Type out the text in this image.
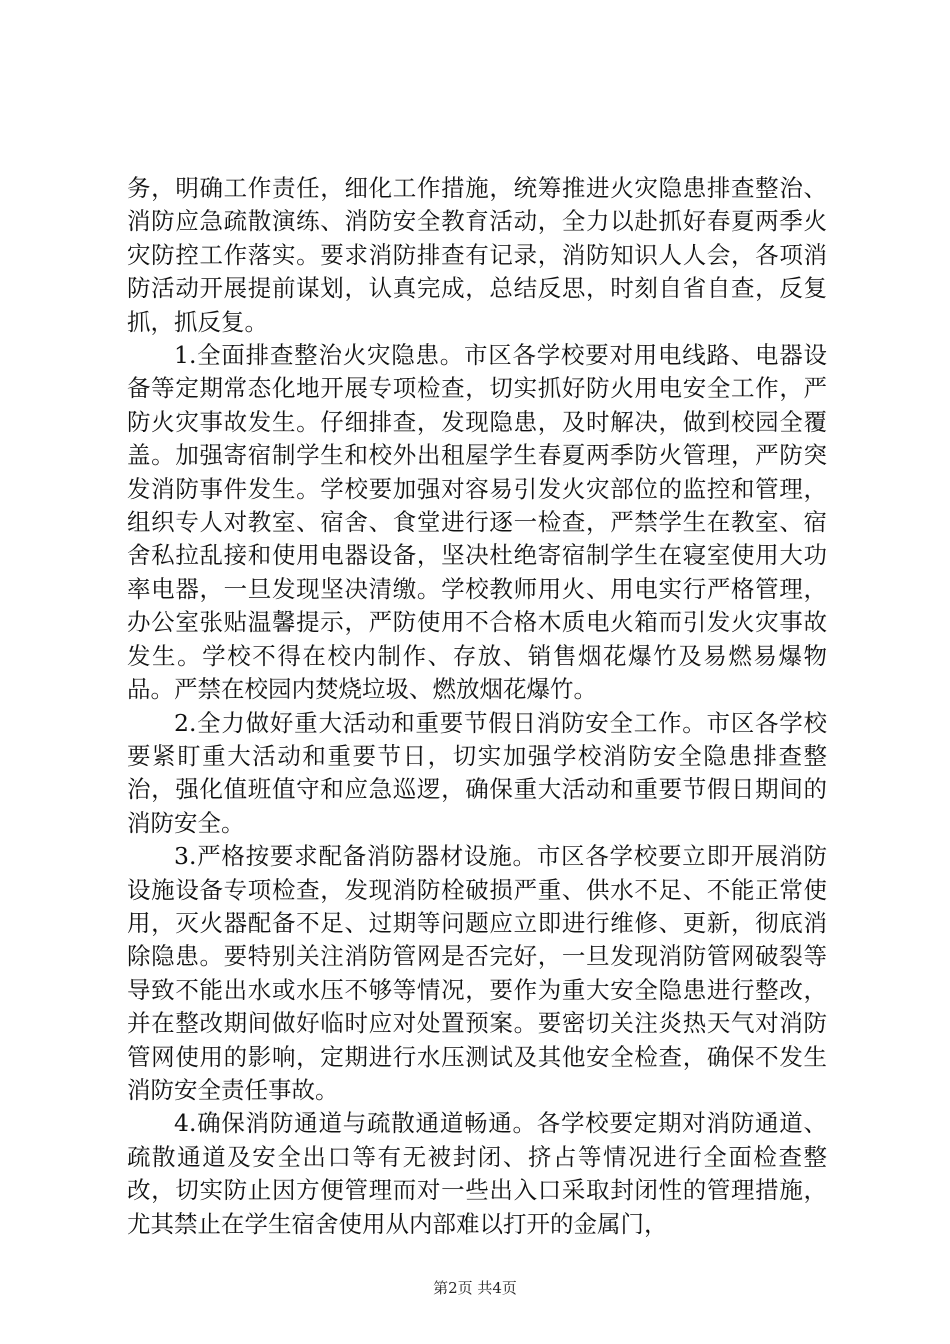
务，明确工作责任，细化工作措施，统筹推进火灾隐患排查整治、消防应急疏散演练、消防安全教育活动，全力以赴抓好春夏两季火灾防控工作落实。要求消防排查有记录，消防知识人人会，各项消防活动开展提前谋划，认真完成，总结反思，时刻自省自查，反复抓，抓反复。

1.全面排查整治火灾隐患。市区各学校要对用电线路、电器设备等定期常态化地开展专项检查，切实抓好防火用电安全工作，严防火灾事故发生。仔细排查，发现隐患，及时解决，做到校园全覆盖。加强寄宿制学生和校外出租屋学生春夏两季防火管理，严防突发消防事件发生。学校要加强对容易引发火灾部位的监控和管理，组织专人对教室、宿舍、食堂进行逐一检查，严禁学生在教室、宿舍私拉乱接和使用电器设备，坚决杜绝寄宿制学生在寝室使用大功率电器，一旦发现坚决清缴。学校教师用火、用电实行严格管理，办公室张贴温馨提示，严防使用不合格木质电火箱而引发火灾事故发生。学校不得在校内制作、存放、销售烟花爆竹及易燃易爆物品。严禁在校园内焚烧垃圾、燃放烟花爆竹。

2.全力做好重大活动和重要节假日消防安全工作。市区各学校要紧盯重大活动和重要节日，切实加强学校消防安全隐患排查整治，强化值班值守和应急巡逻，确保重大活动和重要节假日期间的消防安全。

3.严格按要求配备消防器材设施。市区各学校要立即开展消防设施设备专项检查，发现消防栓破损严重、供水不足、不能正常使用，灭火器配备不足、过期等问题应立即进行维修、更新，彻底消除隐患。要特别关注消防管网是否完好，一旦发现消防管网破裂等导致不能出水或水压不够等情况，要作为重大安全隐患进行整改，并在整改期间做好临时应对处置预案。要密切关注炎热天气对消防管网使用的影响，定期进行水压测试及其他安全检查，确保不发生消防安全责任事故。

4.确保消防通道与疏散通道畅通。各学校要定期对消防通道、疏散通道及安全出口等有无被封闭、挤占等情况进行全面检查整改，切实防止因方便管理而对一些出入口采取封闭性的管理措施，尤其禁止在学生宿舍使用从内部难以打开的金属门，

第2页 共4页
